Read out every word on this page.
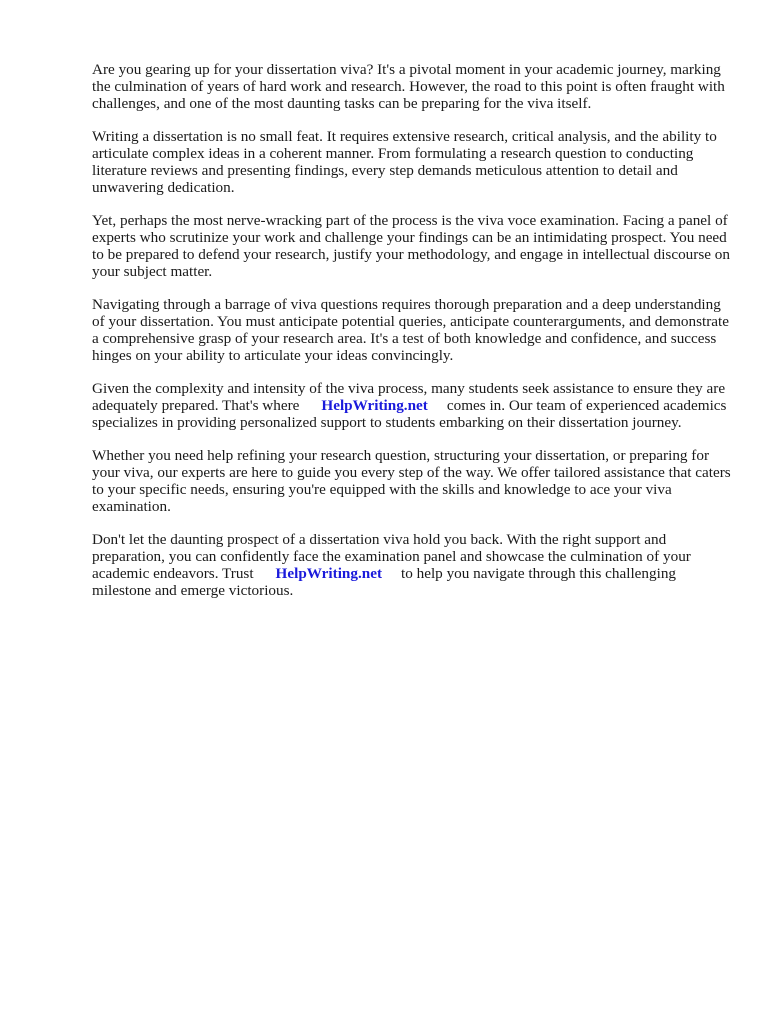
Are you gearing up for your dissertation viva? It's a pivotal moment in your academic journey, marking the culmination of years of hard work and research. However, the road to this point is often fraught with challenges, and one of the most daunting tasks can be preparing for the viva itself.

Writing a dissertation is no small feat. It requires extensive research, critical analysis, and the ability to articulate complex ideas in a coherent manner. From formulating a research question to conducting literature reviews and presenting findings, every step demands meticulous attention to detail and unwavering dedication.

Yet, perhaps the most nerve-wracking part of the process is the viva voce examination. Facing a panel of experts who scrutinize your work and challenge your findings can be an intimidating prospect. You need to be prepared to defend your research, justify your methodology, and engage in intellectual discourse on your subject matter.

Navigating through a barrage of viva questions requires thorough preparation and a deep understanding of your dissertation. You must anticipate potential queries, anticipate counterarguments, and demonstrate a comprehensive grasp of your research area. It's a test of both knowledge and confidence, and success hinges on your ability to articulate your ideas convincingly.

Given the complexity and intensity of the viva process, many students seek assistance to ensure they are adequately prepared. That's where HelpWriting.net comes in. Our team of experienced academics specializes in providing personalized support to students embarking on their dissertation journey.

Whether you need help refining your research question, structuring your dissertation, or preparing for your viva, our experts are here to guide you every step of the way. We offer tailored assistance that caters to your specific needs, ensuring you're equipped with the skills and knowledge to ace your viva examination.

Don't let the daunting prospect of a dissertation viva hold you back. With the right support and preparation, you can confidently face the examination panel and showcase the culmination of your academic endeavors. Trust HelpWriting.net to help you navigate through this challenging milestone and emerge victorious.
